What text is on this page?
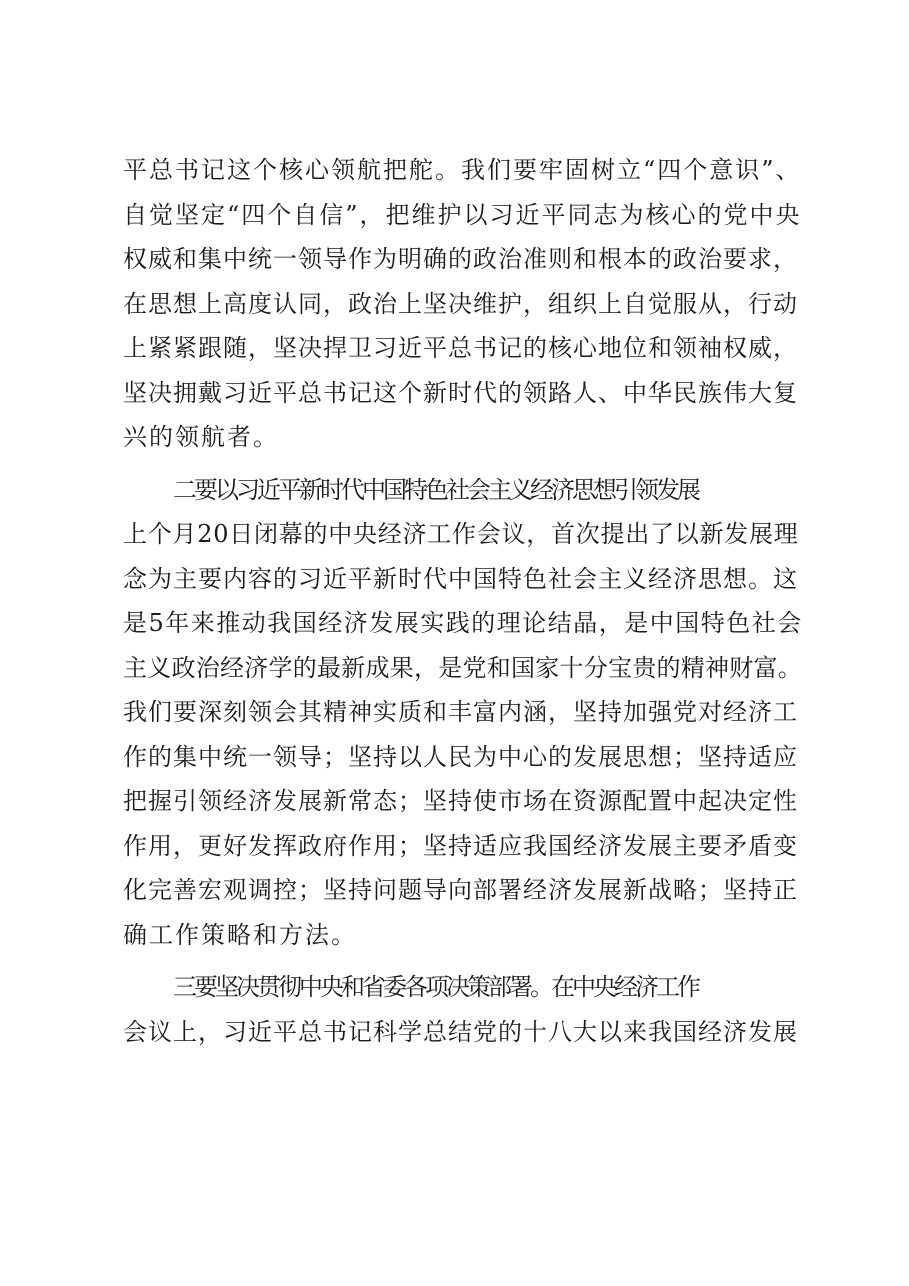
平总书记这个核心领航把舵。我们要牢固树立“四个意识”、
自觉坚定“四个自信”，把维护以习近平同志为核心的党中央
权威和集中统一领导作为明确的政治准则和根本的政治要求，
在思想上高度认同，政治上坚决维护，组织上自觉服从，行动
上紧紧跟随，坚决捍卫习近平总书记的核心地位和领袖权威，
坚决拥戴习近平总书记这个新时代的领路人、中华民族伟大复
兴的领航者。
二要以习近平新时代中国特色社会主义经济思想引领发展
上个月20日闭幕的中央经济工作会议，首次提出了以新发展理
念为主要内容的习近平新时代中国特色社会主义经济思想。这
是5年来推动我国经济发展实践的理论结晶，是中国特色社会
主义政治经济学的最新成果，是党和国家十分宝贵的精神财富。
我们要深刻领会其精神实质和丰富内涵，坚持加强党对经济工
作的集中统一领导；坚持以人民为中心的发展思想；坚持适应
把握引领经济发展新常态；坚持使市场在资源配置中起决定性
作用，更好发挥政府作用；坚持适应我国经济发展主要矛盾变
化完善宏观调控；坚持问题导向部署经济发展新战略；坚持正
确工作策略和方法。
三要坚决贯彻中央和省委各项决策部署。在中央经济工作
会议上，习近平总书记科学总结党的十八大以来我国经济发展
